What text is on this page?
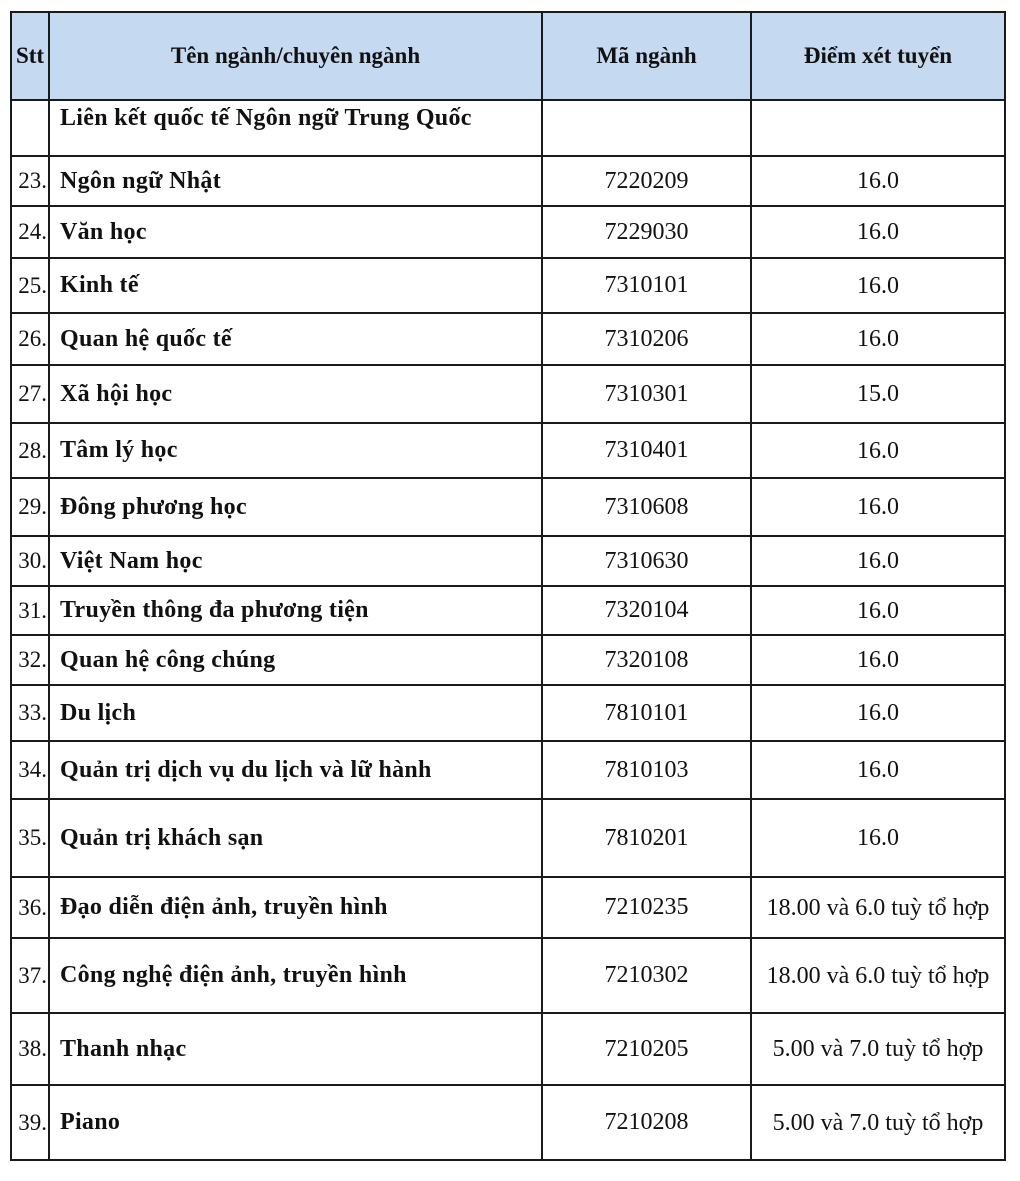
Stt	Tên ngành/chuyên ngành	Mã ngành	Điểm xét tuyển
	Liên kết quốc tế Ngôn ngữ Trung Quốc		
23.	Ngôn ngữ Nhật	7220209	16.0
24.	Văn học	7229030	16.0
25.	Kinh tế	7310101	16.0
26.	Quan hệ quốc tế	7310206	16.0
27.	Xã hội học	7310301	15.0
28.	Tâm lý học	7310401	16.0
29.	Đông phương học	7310608	16.0
30.	Việt Nam học	7310630	16.0
31.	Truyền thông đa phương tiện	7320104	16.0
32.	Quan hệ công chúng	7320108	16.0
33.	Du lịch	7810101	16.0
34.	Quản trị dịch vụ du lịch và lữ hành	7810103	16.0
35.	Quản trị khách sạn	7810201	16.0
36.	Đạo diễn điện ảnh, truyền hình	7210235	18.00 và 6.0 tuỳ tổ hợp
37.	Công nghệ điện ảnh, truyền hình	7210302	18.00 và 6.0 tuỳ tổ hợp
38.	Thanh nhạc	7210205	5.00 và 7.0 tuỳ tổ hợp
39.	Piano	7210208	5.00 và 7.0 tuỳ tổ hợp
